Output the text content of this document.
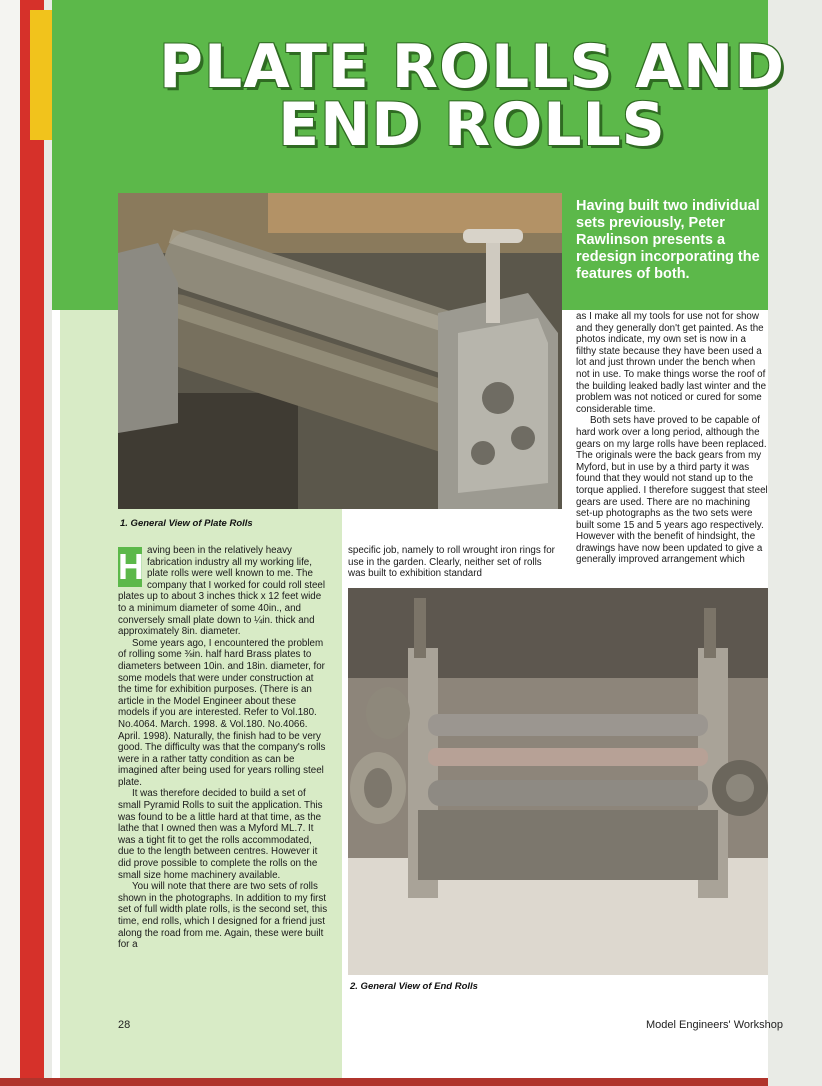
PLATE ROLLS AND
END ROLLS
Having built two individual sets previously, Peter Rawlinson presents a redesign incorporating the features of both.
1. General View of Plate Rolls

H aving been in the relatively heavy fabrication industry all my working life, plate rolls were well known to me. The company that I worked for could roll steel plates up to about 3 inches thick x 12 feet wide to a minimum diameter of some 40in., and conversely small plate down to ¼in. thick and approximately 8in. diameter.

Some years ago, I encountered the problem of rolling some ⅜in. half hard Brass plates to diameters between 10in. and 18in. diameter, for some models that were under construction at the time for exhibition purposes. (There is an article in the Model Engineer about these models if you are interested. Refer to Vol.180. No.4064. March. 1998. & Vol.180. No.4066. April. 1998). Naturally, the finish had to be very good. The difficulty was that the company's rolls were in a rather tatty condition as can be imagined after being used for years rolling steel plate.

It was therefore decided to build a set of small Pyramid Rolls to suit the application. This was found to be a little hard at that time, as the lathe that I owned then was a Myford ML.7. It was a tight fit to get the rolls accommodated, due to the length between centres. However it did prove possible to complete the rolls on the small size home machinery available.

You will note that there are two sets of rolls shown in the photographs. In addition to my first set of full width plate rolls, is the second set, this time, end rolls, which I designed for a friend just along the road from me. Again, these were built for a

specific job, namely to roll wrought iron rings for use in the garden. Clearly, neither set of rolls was built to exhibition standard

as I make all my tools for use not for show and they generally don't get painted. As the photos indicate, my own set is now in a filthy state because they have been used a lot and just thrown under the bench when not in use. To make things worse the roof of the building leaked badly last winter and the problem was not noticed or cured for some considerable time.

Both sets have proved to be capable of hard work over a long period, although the gears on my large rolls have been replaced. The originals were the back gears from my Myford, but in use by a third party it was found that they would not stand up to the torque applied. I therefore suggest that steel gears are used. There are no machining set-up photographs as the two sets were built some 15 and 5 years ago respectively. However with the benefit of hindsight, the drawings have now been updated to give a generally improved arrangement which

2. General View of End Rolls
28	Model Engineers' Workshop
